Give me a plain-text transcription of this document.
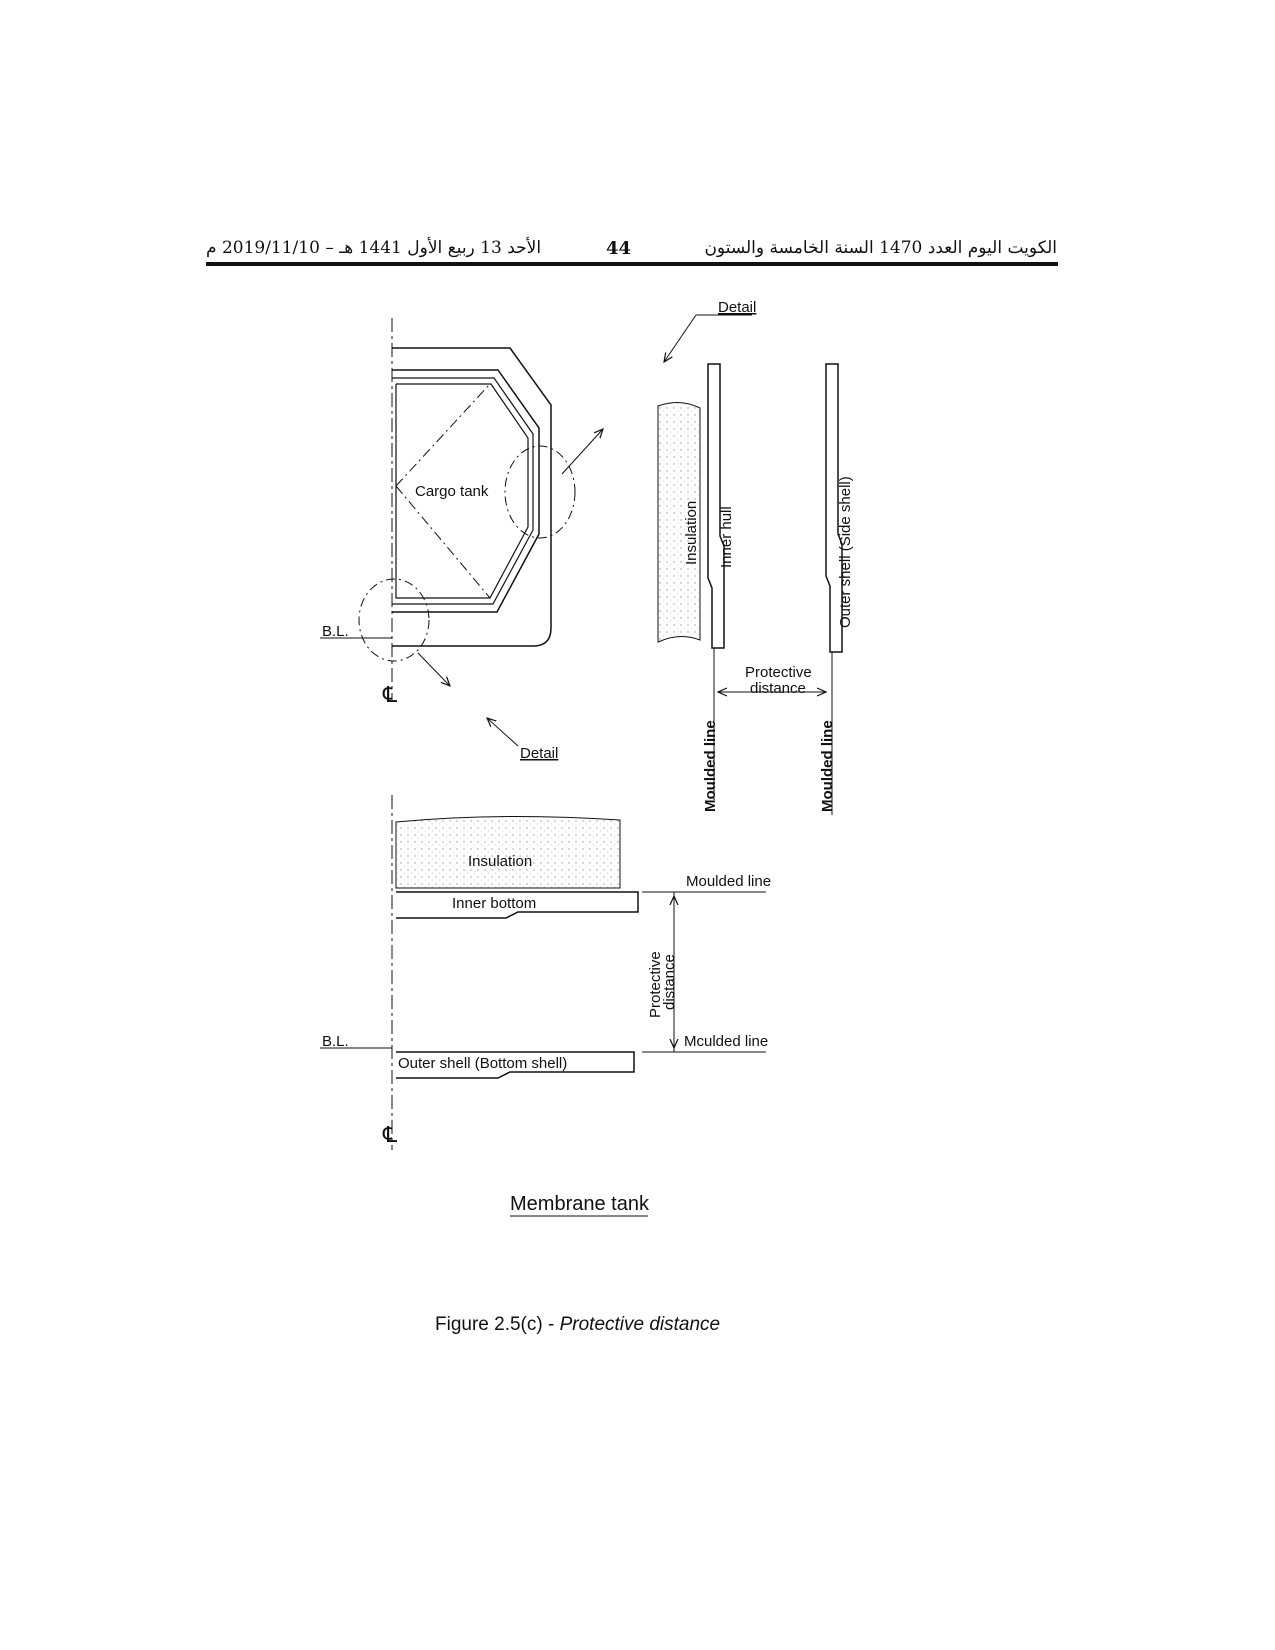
الأحد 13 ربيع الأول 1441 هـ – 2019/11/10 م	44	الكويت اليوم العدد 1470 السنة الخامسة والستون
Cargo tank
B.L.
℄
Detail
Detail
Insulation Inner hull	Outer shell (Side shell)
Protective
distance
Moulded line	Moulded line
Insulation
Inner bottom
Moulded line
Mculded line
Protective
distance
Outer shell (Bottom shell)
B.L.
℄
Membrane tank
Figure 2.5(c) - Protective distance
